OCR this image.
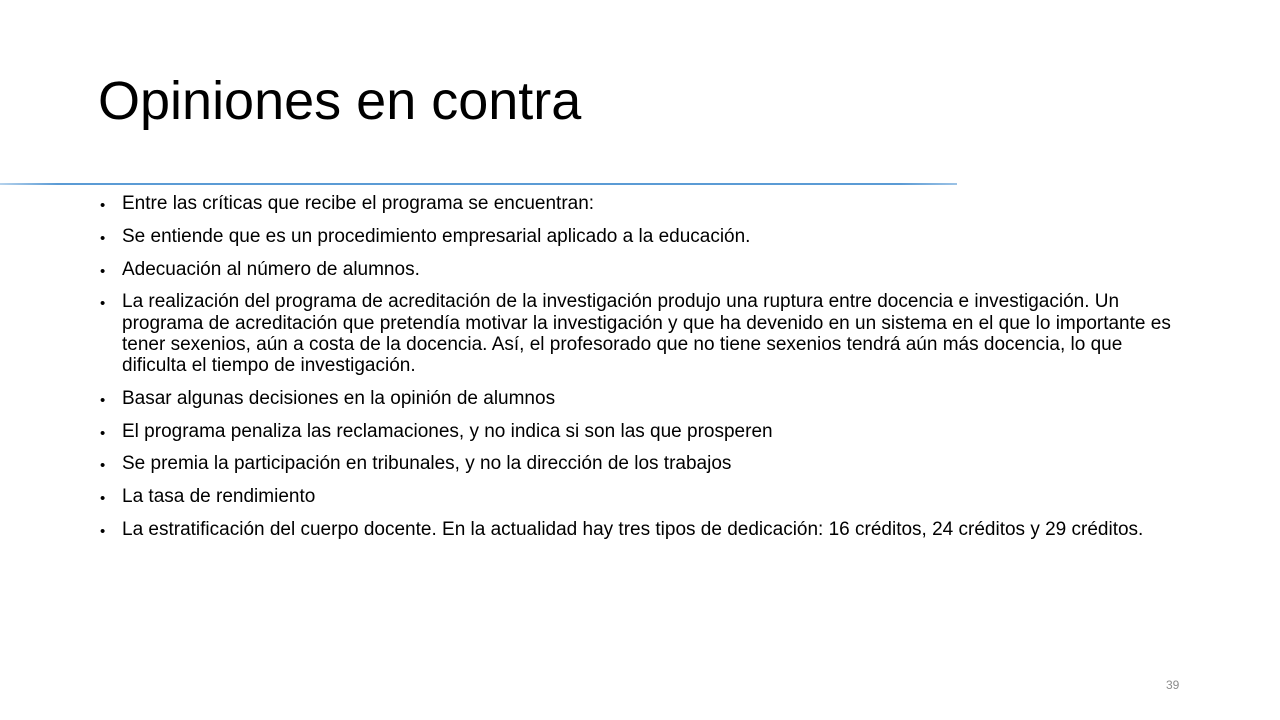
Opiniones en contra
• Entre las críticas que recibe el programa se encuentran:
• Se entiende que es un procedimiento empresarial aplicado a la educación.
• Adecuación al número de alumnos.
• La realización del programa de acreditación de la investigación produjo una ruptura entre docencia e investigación. Un programa de acreditación que pretendía motivar la investigación y que ha devenido en un sistema en el que lo importante es tener sexenios, aún a costa de la docencia. Así, el profesorado que no tiene sexenios tendrá aún más docencia, lo que dificulta el tiempo de investigación.
• Basar algunas decisiones en la opinión de alumnos
• El programa penaliza las reclamaciones, y no indica si son las que prosperen
• Se premia la participación en tribunales, y no la dirección de los trabajos
• La tasa de rendimiento
• La estratificación del cuerpo docente. En la actualidad hay tres tipos de dedicación: 16 créditos, 24 créditos y 29 créditos.
39
